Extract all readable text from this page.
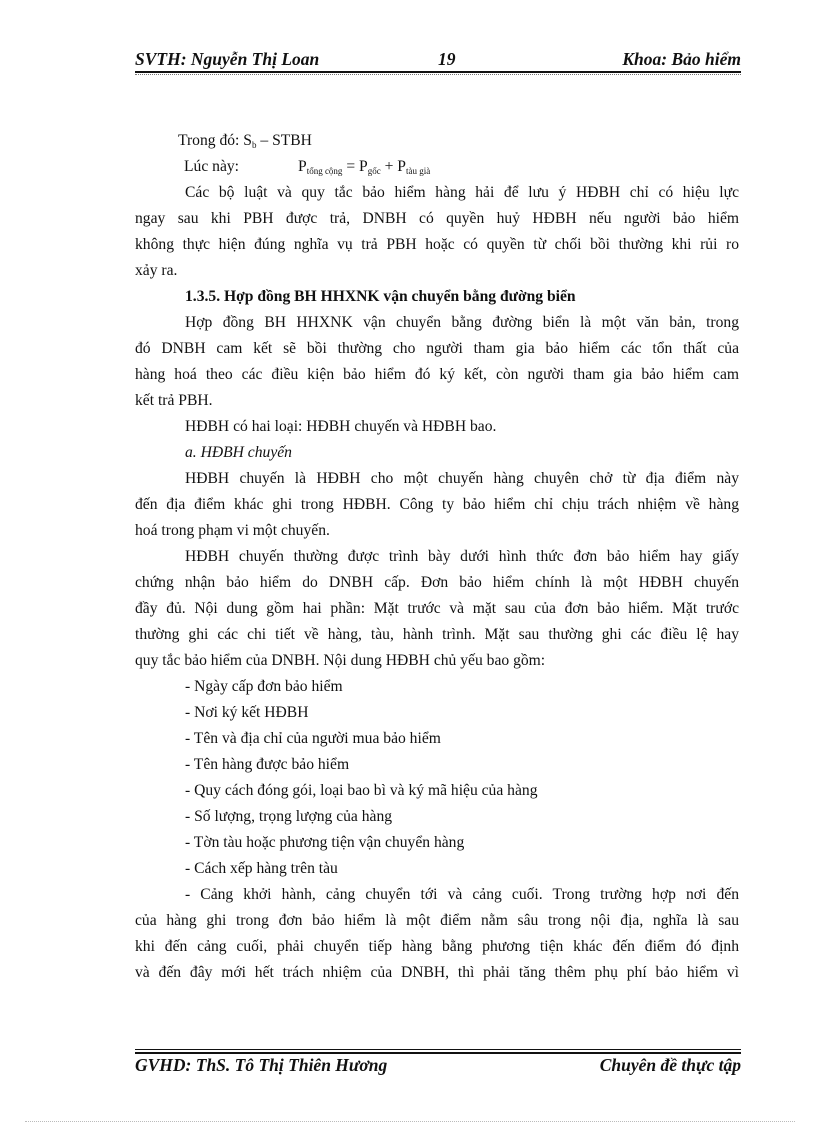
SVTH: Nguyễn Thị Loan	19	Khoa: Bảo hiểm
Trong đó: $S_b$ – STBH
Lúc này:	$P_{tổng cộng} = P_{gốc} + P_{tàu già}$
Các bộ luật và quy tắc bảo hiểm hàng hải để lưu ý HĐBH chỉ có hiệu lực
ngay sau khi PBH được trả, DNBH có quyền huỷ HĐBH nếu người bảo hiểm
không thực hiện đúng nghĩa vụ trả PBH hoặc có quyền từ chối bồi thường khi rủi ro
xảy ra.
1.3.5. Hợp đồng BH HHXNK vận chuyển bằng đường biển
Hợp đồng BH HHXNK vận chuyển bằng đường biển là một văn bản, trong
đó DNBH cam kết sẽ bồi thường cho người tham gia bảo hiểm các tổn thất của
hàng hoá theo các điều kiện bảo hiểm đó ký kết, còn người tham gia bảo hiểm cam
kết trả PBH.
HĐBH có hai loại: HĐBH chuyến và HĐBH bao.
a. HĐBH chuyến
HĐBH chuyến là HĐBH cho một chuyến hàng chuyên chở từ địa điểm này
đến địa điểm khác ghi trong HĐBH. Công ty bảo hiểm chỉ chịu trách nhiệm về hàng
hoá trong phạm vi một chuyến.
HĐBH chuyến thường được trình bày dưới hình thức đơn bảo hiểm hay giấy
chứng nhận bảo hiểm do DNBH cấp. Đơn bảo hiểm chính là một HĐBH chuyến
đầy đủ. Nội dung gồm hai phần: Mặt trước và mặt sau của đơn bảo hiểm. Mặt trước
thường ghi các chi tiết về hàng, tàu, hành trình. Mặt sau thường ghi các điều lệ hay
quy tắc bảo hiểm của DNBH. Nội dung HĐBH chủ yếu bao gồm:
- Ngày cấp đơn bảo hiểm
- Nơi ký kết HĐBH
- Tên và địa chỉ của người mua bảo hiểm
- Tên hàng được bảo hiểm
- Quy cách đóng gói, loại bao bì và ký mã hiệu của hàng
- Số lượng, trọng lượng của hàng
- Tờn tàu hoặc phương tiện vận chuyển hàng
- Cách xếp hàng trên tàu
- Cảng khởi hành, cảng chuyển tới và cảng cuối. Trong trường hợp nơi đến
của hàng ghi trong đơn bảo hiểm là một điểm nằm sâu trong nội địa, nghĩa là sau
khi đến cảng cuối, phải chuyển tiếp hàng bằng phương tiện khác đến điểm đó định
và đến đây mới hết trách nhiệm của DNBH, thì phải tăng thêm phụ phí bảo hiểm vì
GVHD: ThS. Tô Thị Thiên Hương	Chuyên đề thực tập
